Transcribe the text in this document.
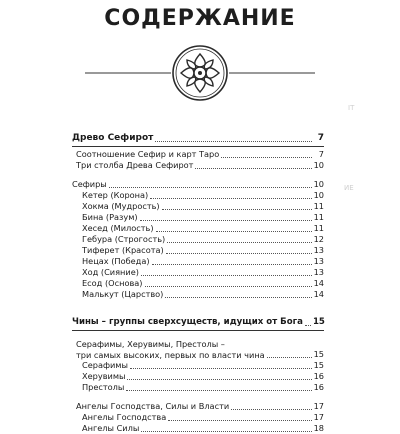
СОДЕРЖАНИЕ
IT
ИЕ
Древо Сефирот	7
Соотношение Сефир и карт Таро	7
Три столба Древа Сефирот	10
Сефиры	10
Кетер (Корона)	10
Хокма (Мудрость)	11
Бина (Разум)	11
Хесед (Милость)	11
Гебура (Строгость)	12
Тиферет (Красота)	13
Нецах (Победа)	13
Ход (Сияние)	13
Есод (Основа)	14
Малькут (Царство)	14
Чины – группы сверхсуществ, идущих от Бога 15
Серафимы, Херувимы, Престолы –
три самых высоких, первых по власти чина	15
Серафимы	15
Херувимы	16
Престолы	16
Ангелы Господства, Силы и Власти	17
Ангелы Господства	17
Ангелы Силы	18
